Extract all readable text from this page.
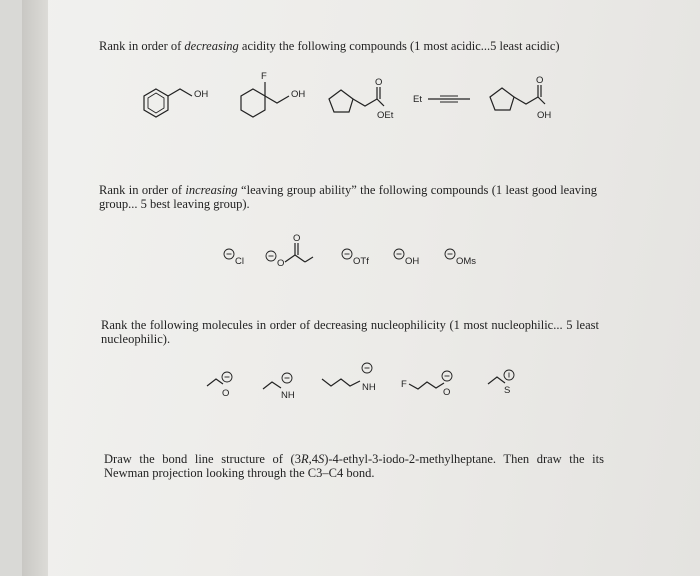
Rank in order of decreasing acidity the following compounds (1 most acidic...5 least acidic)
OH
F
OH
O
OEt
Et
O
OH
Rank in order of increasing “leaving group ability” the following compounds (1 least good leaving group... 5 best leaving group).
Cl	O
O
OTf	OH	OMs
Rank the following molecules in order of decreasing nucleophilicity (1 most nucleophilic... 5 least nucleophilic).
O	NH
NH	F
O	S
Draw the bond line structure of (3R,4S)-4-ethyl-3-iodo-2-methylheptane. Then draw the its Newman projection looking through the C3–C4 bond.
